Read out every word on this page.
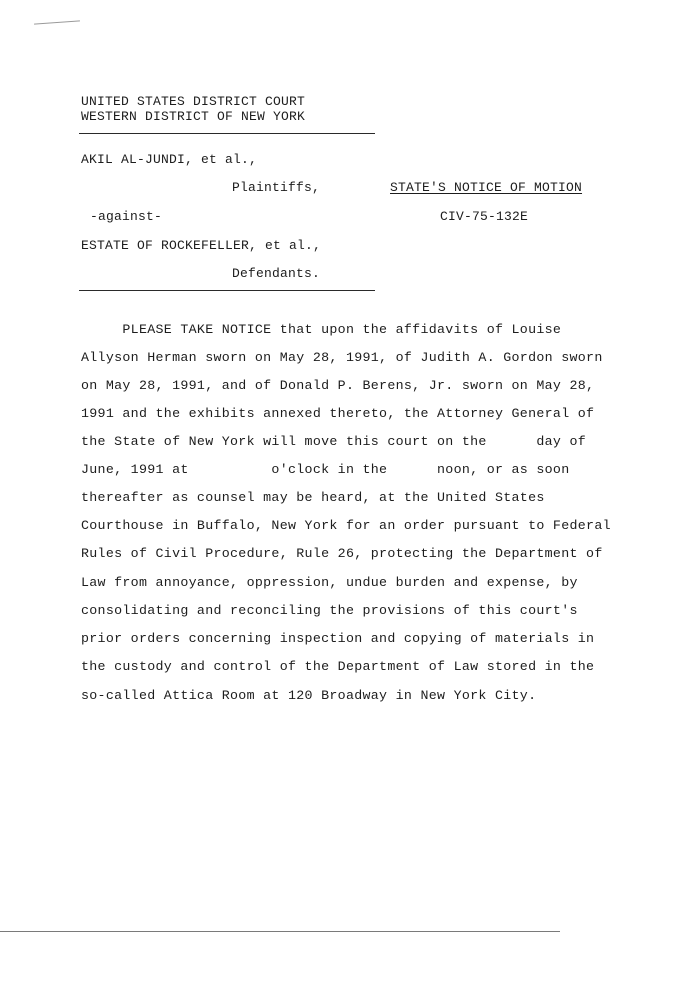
UNITED STATES DISTRICT COURT
WESTERN DISTRICT OF NEW YORK
AKIL AL-JUNDI, et al.,
Plaintiffs,	STATE'S NOTICE OF MOTION
-against-	CIV-75-132E
ESTATE OF ROCKEFELLER, et al.,
Defendants.
PLEASE TAKE NOTICE that upon the affidavits of Louise
Allyson Herman sworn on May 28, 1991, of Judith A. Gordon sworn
on May 28, 1991, and of Donald P. Berens, Jr. sworn on May 28,
1991 and the exhibits annexed thereto, the Attorney General of
the State of New York will move this court on the      day of
June, 1991 at          o'clock in the      noon, or as soon
thereafter as counsel may be heard, at the United States
Courthouse in Buffalo, New York for an order pursuant to Federal
Rules of Civil Procedure, Rule 26, protecting the Department of
Law from annoyance, oppression, undue burden and expense, by
consolidating and reconciling the provisions of this court's
prior orders concerning inspection and copying of materials in
the custody and control of the Department of Law stored in the
so-called Attica Room at 120 Broadway in New York City.
